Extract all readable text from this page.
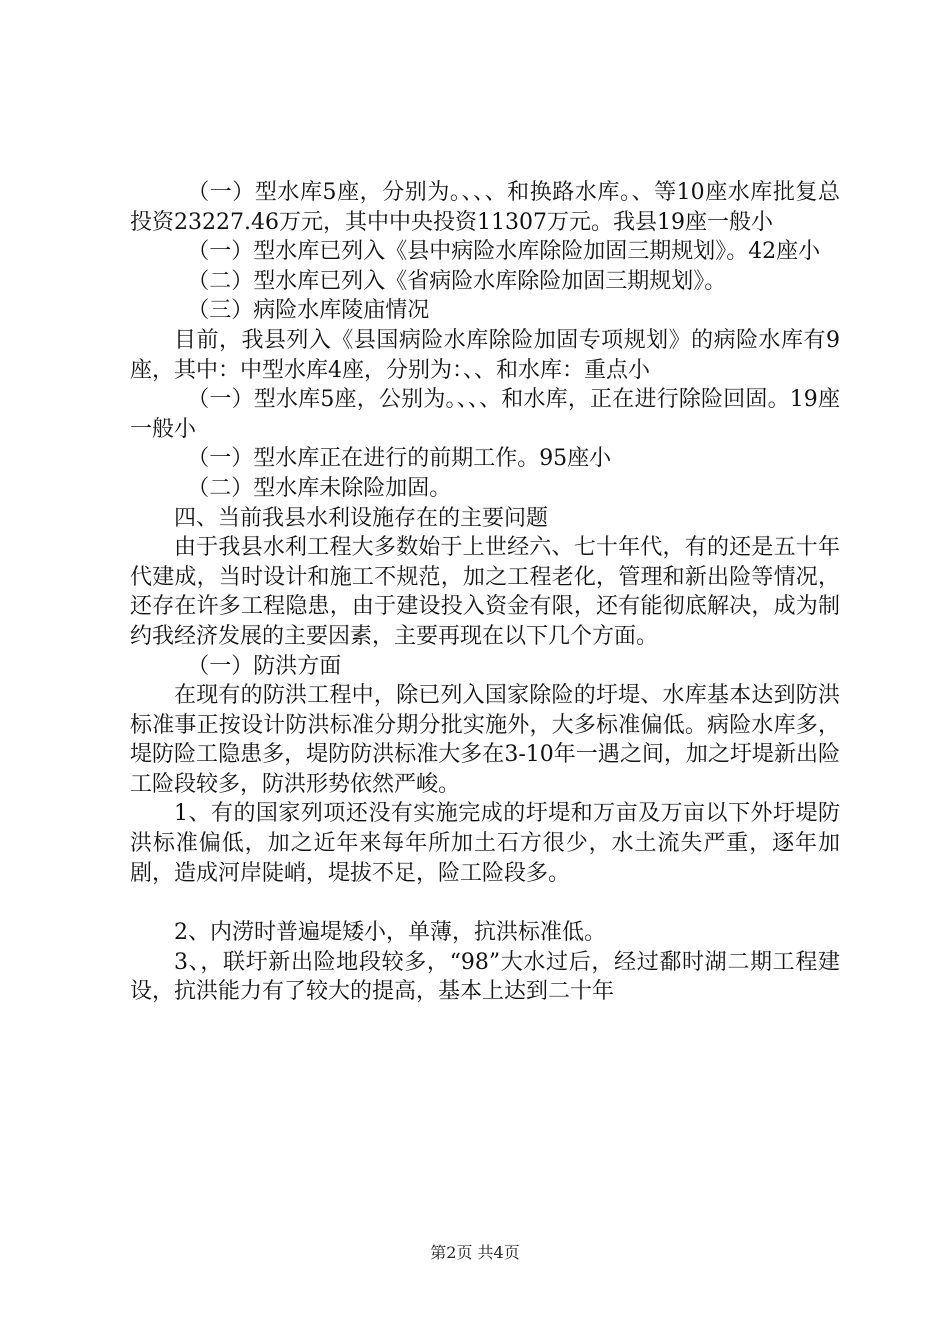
（一）型水库5座，分别为。、、、和换路水库。、等10座水库批复总投资23227.46万元，其中中央投资11307万元。我县19座一般小

（一）型水库已列入《县中病险水库除险加固三期规划》。42座小

（二）型水库已列入《省病险水库除险加固三期规划》。

（三）病险水库陵庙情况

目前，我县列入《县国病险水库除险加固专项规划》的病险水库有9座，其中：中型水库4座，分别为：、、和水库：重点小

（一）型水库5座，公别为。、、、和水库，正在进行除险回固。19座一般小

（一）型水库正在进行的前期工作。95座小

（二）型水库未除险加固。

四、当前我县水利设施存在的主要问题

由于我县水利工程大多数始于上世经六、七十年代，有的还是五十年代建成，当时设计和施工不规范，加之工程老化，管理和新出险等情况，还存在许多工程隐患，由于建设投入资金有限，还有能彻底解决，成为制约我经济发展的主要因素，主要再现在以下几个方面。

（一）防洪方面

在现有的防洪工程中，除已列入国家除险的圩堤、水库基本达到防洪标准事正按设计防洪标准分期分批实施外，大多标准偏低。病险水库多，堤防险工隐患多，堤防防洪标准大多在3-10年一遇之间，加之圩堤新出险工险段较多，防洪形势依然严峻。

1、有的国家列项还没有实施完成的圩堤和万亩及万亩以下外圩堤防洪标准偏低，加之近年来每年所加土石方很少，水土流失严重，逐年加剧，造成河岸陡峭，堤拔不足，险工险段多。

2、内涝时普遍堤矮小，单薄，抗洪标准低。

3、，联圩新出险地段较多，“98”大水过后，经过鄱时湖二期工程建设，抗洪能力有了较大的提高，基本上达到二十年

第2页 共4页
